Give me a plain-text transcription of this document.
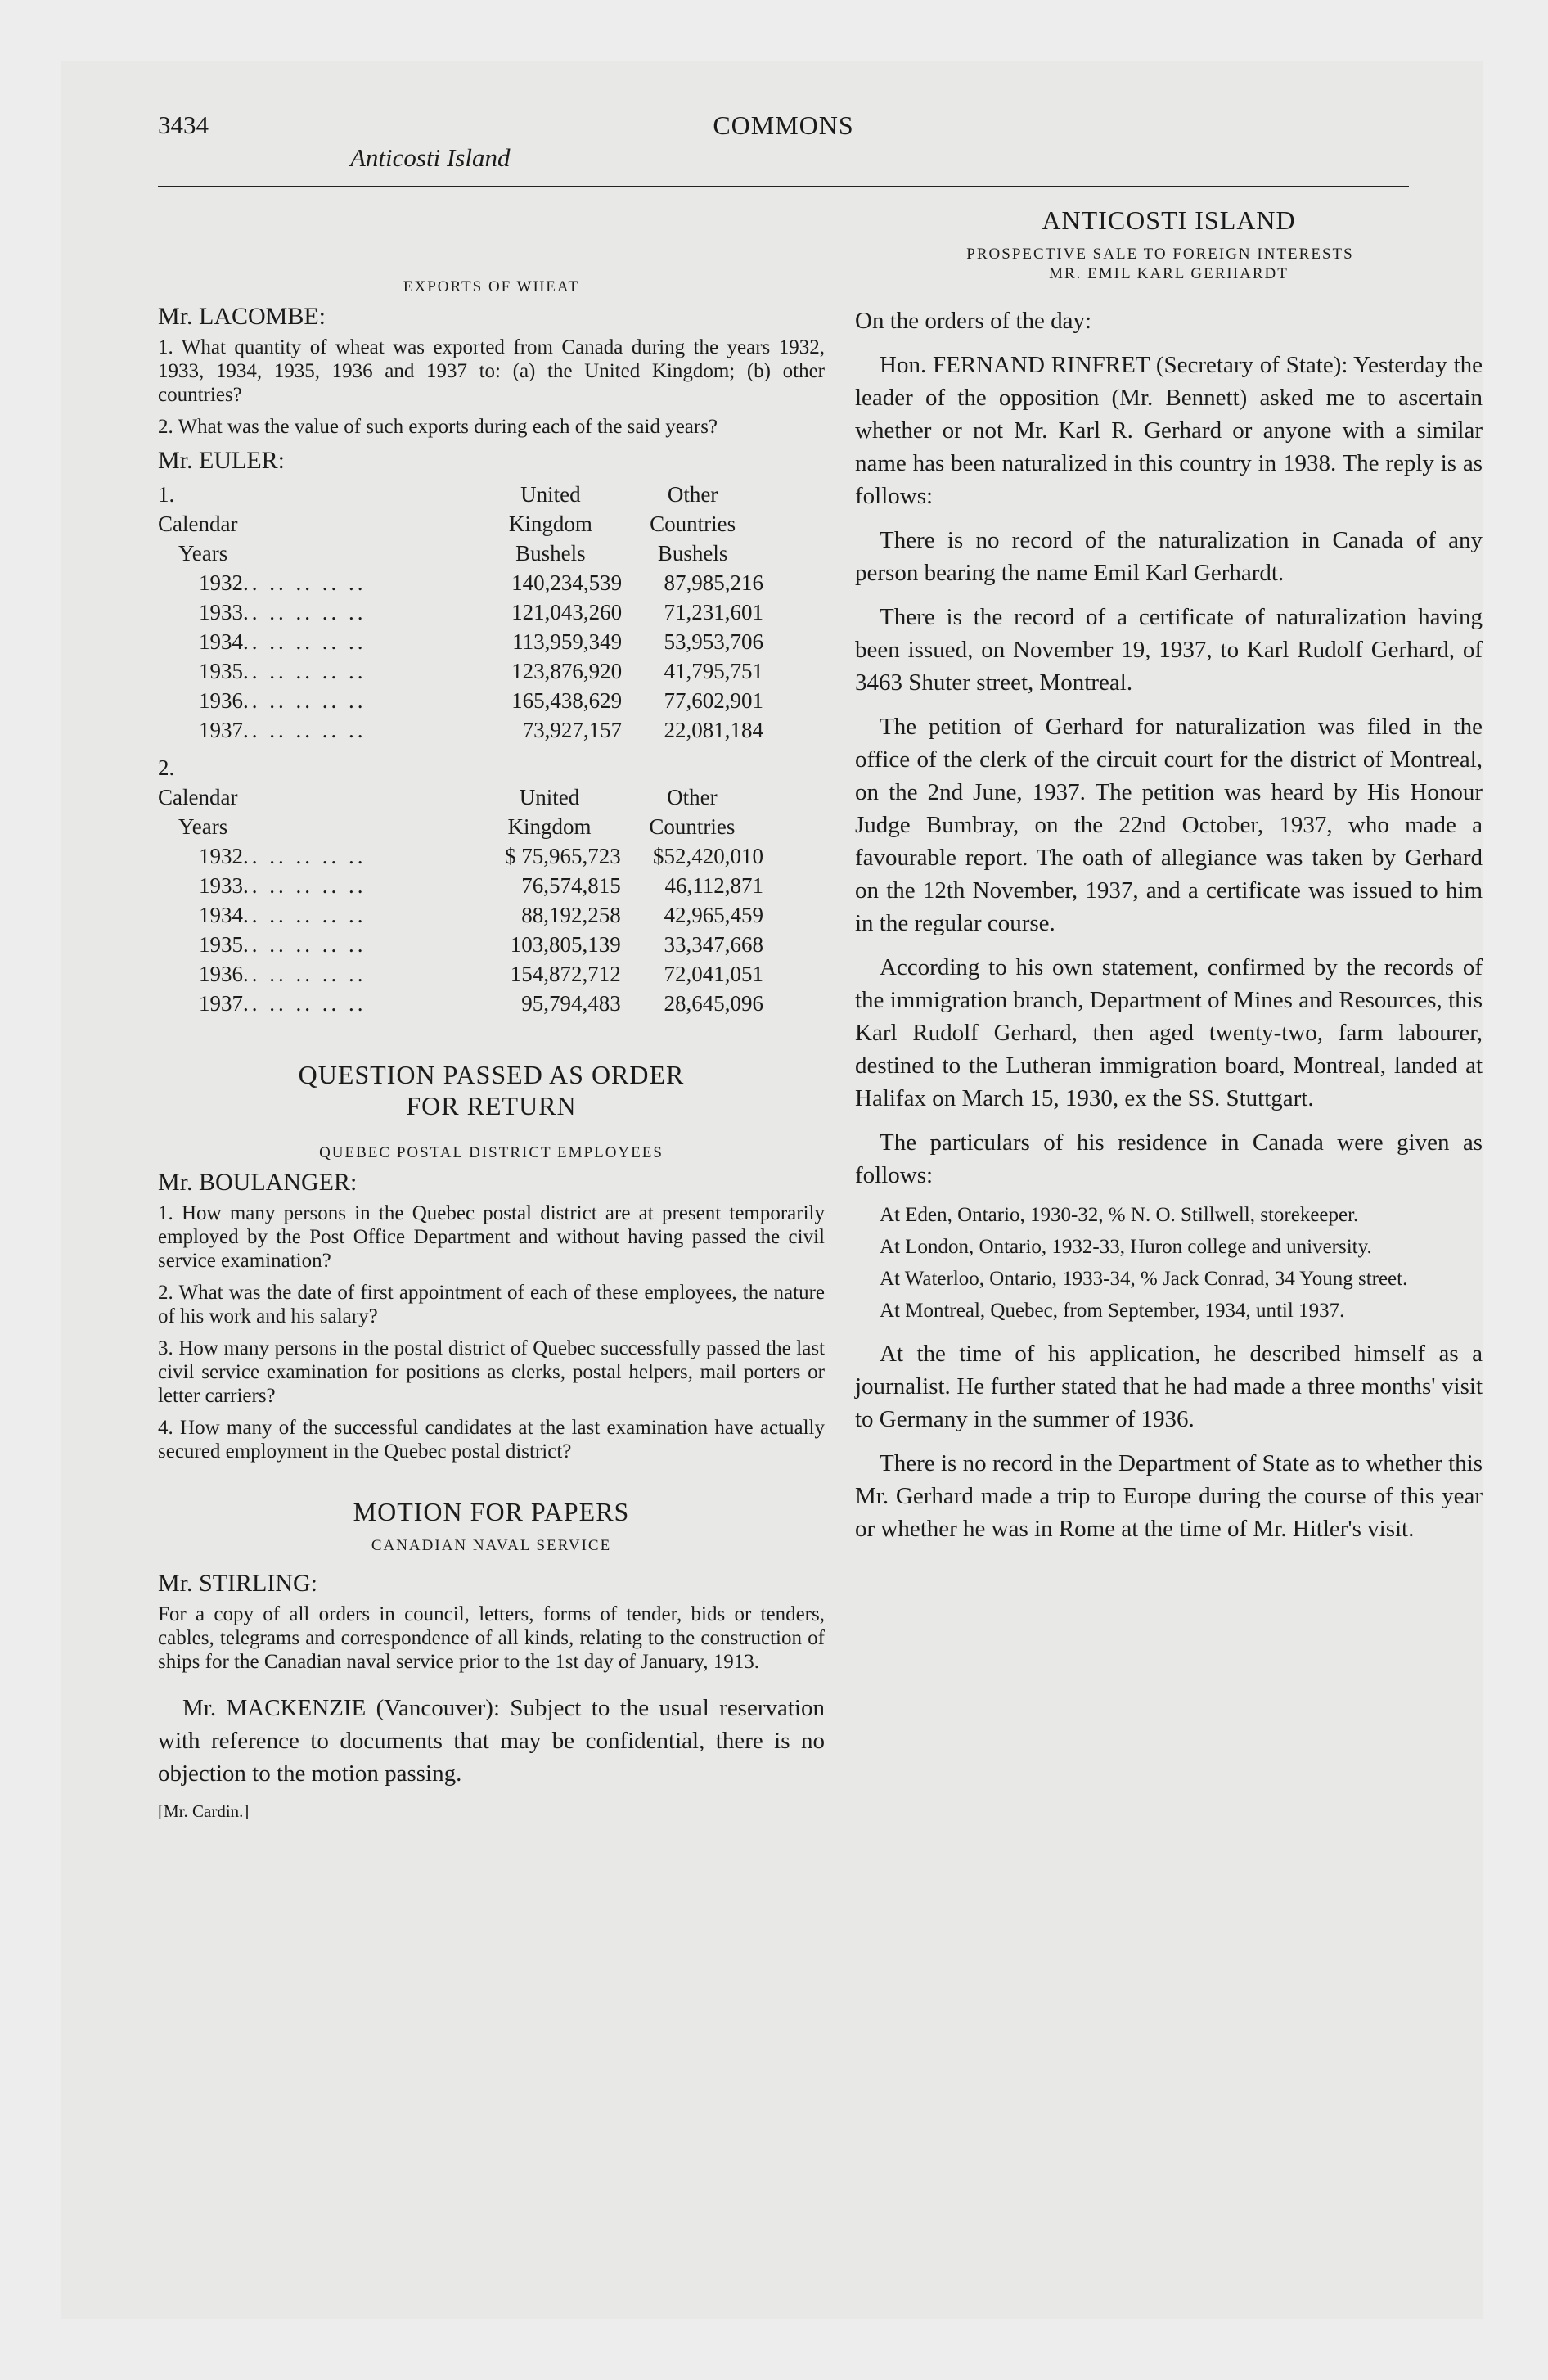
3434
Anticosti Island
COMMONS
EXPORTS OF WHEAT
Mr. LACOMBE:

1. What quantity of wheat was exported from Canada during the years 1932, 1933, 1934, 1935, 1936 and 1937 to: (a) the United Kingdom; (b) other countries?

2. What was the value of such exports during each of the said years?

Mr. EULER:
1.	United	Other
Calendar	Kingdom	Countries
Years	Bushels	Bushels
1932.. .. .. .. ..	140,234,539	87,985,216
1933.. .. .. .. ..	121,043,260	71,231,601
1934.. .. .. .. ..	113,959,349	53,953,706
1935.. .. .. .. ..	123,876,920	41,795,751
1936.. .. .. .. ..	165,438,629	77,602,901
1937.. .. .. .. ..	73,927,157	22,081,184
2.		
Calendar	United	Other
Years	Kingdom	Countries
1932.. .. .. .. ..	$ 75,965,723	$52,420,010
1933.. .. .. .. ..	76,574,815	46,112,871
1934.. .. .. .. ..	88,192,258	42,965,459
1935.. .. .. .. ..	103,805,139	33,347,668
1936.. .. .. .. ..	154,872,712	72,041,051
1937.. .. .. .. ..	95,794,483	28,645,096
QUESTION PASSED AS ORDER
FOR RETURN
QUEBEC POSTAL DISTRICT EMPLOYEES
Mr. BOULANGER:

1. How many persons in the Quebec postal district are at present temporarily employed by the Post Office Department and without having passed the civil service examination?

2. What was the date of first appointment of each of these employees, the nature of his work and his salary?

3. How many persons in the postal district of Quebec successfully passed the last civil service examination for positions as clerks, postal helpers, mail porters or letter carriers?

4. How many of the successful candidates at the last examination have actually secured employment in the Quebec postal district?

MOTION FOR PAPERS
CANADIAN NAVAL SERVICE
Mr. STIRLING:

For a copy of all orders in council, letters, forms of tender, bids or tenders, cables, telegrams and correspondence of all kinds, relating to the construction of ships for the Canadian naval service prior to the 1st day of January, 1913.

Mr. MACKENZIE (Vancouver): Subject to the usual reservation with reference to documents that may be confidential, there is no objection to the motion passing.

[Mr. Cardin.]
ANTICOSTI ISLAND
PROSPECTIVE SALE TO FOREIGN INTERESTS—
MR. EMIL KARL GERHARDT

On the orders of the day:

Hon. FERNAND RINFRET (Secretary of State): Yesterday the leader of the opposition (Mr. Bennett) asked me to ascertain whether or not Mr. Karl R. Gerhard or anyone with a similar name has been naturalized in this country in 1938. The reply is as follows:

There is no record of the naturalization in Canada of any person bearing the name Emil Karl Gerhardt.

There is the record of a certificate of naturalization having been issued, on November 19, 1937, to Karl Rudolf Gerhard, of 3463 Shuter street, Montreal.

The petition of Gerhard for naturalization was filed in the office of the clerk of the circuit court for the district of Montreal, on the 2nd June, 1937. The petition was heard by His Honour Judge Bumbray, on the 22nd October, 1937, who made a favourable report. The oath of allegiance was taken by Gerhard on the 12th November, 1937, and a certificate was issued to him in the regular course.

According to his own statement, confirmed by the records of the immigration branch, Department of Mines and Resources, this Karl Rudolf Gerhard, then aged twenty-two, farm labourer, destined to the Lutheran immigration board, Montreal, landed at Halifax on March 15, 1930, ex the SS. Stuttgart.

The particulars of his residence in Canada were given as follows:

At Eden, Ontario, 1930-32, % N. O. Stillwell, storekeeper.

At London, Ontario, 1932-33, Huron college and university.

At Waterloo, Ontario, 1933-34, % Jack Conrad, 34 Young street.

At Montreal, Quebec, from September, 1934, until 1937.

At the time of his application, he described himself as a journalist. He further stated that he had made a three months' visit to Germany in the summer of 1936.

There is no record in the Department of State as to whether this Mr. Gerhard made a trip to Europe during the course of this year or whether he was in Rome at the time of Mr. Hitler's visit.
